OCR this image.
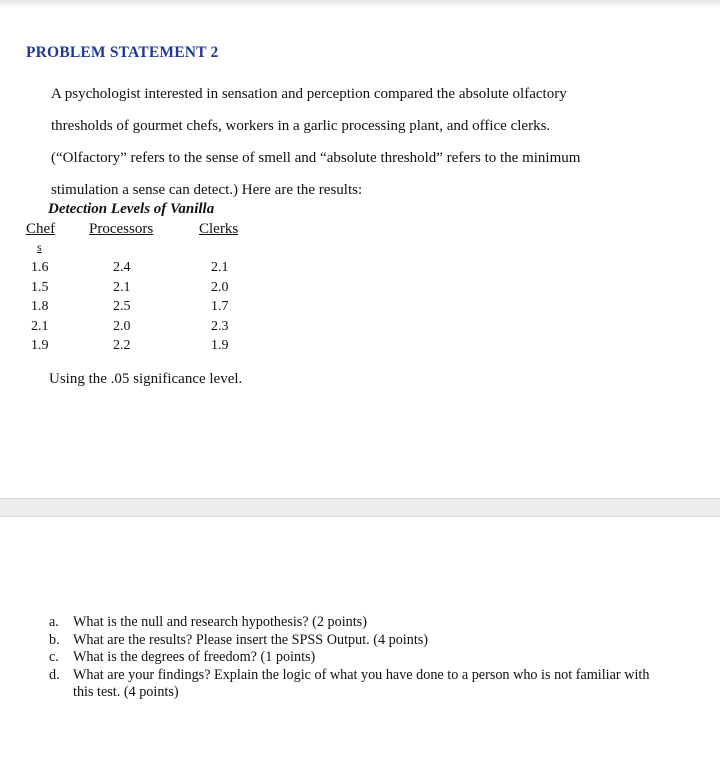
PROBLEM STATEMENT 2
A psychologist interested in sensation and perception compared the absolute olfactory
thresholds of gourmet chefs, workers in a garlic processing plant, and office clerks.
(“Olfactory” refers to the sense of smell and “absolute threshold” refers to the minimum
stimulation a sense can detect.) Here are the results:
Detection Levels of Vanilla
Chef Processors	Clerks
s
1.6
1.5
1.8
2.1
1.9
2.4
2.1
2.5
2.0
2.2
2.1
2.0
1.7
2.3
1.9
Using the .05 significance level.
a. What is the null and research hypothesis? (2 points)
b. What are the results? Please insert the SPSS Output. (4 points)
c. What is the degrees of freedom? (1 points)
d. What are your findings? Explain the logic of what you have done to a person who is not familiar with this test. (4 points)
